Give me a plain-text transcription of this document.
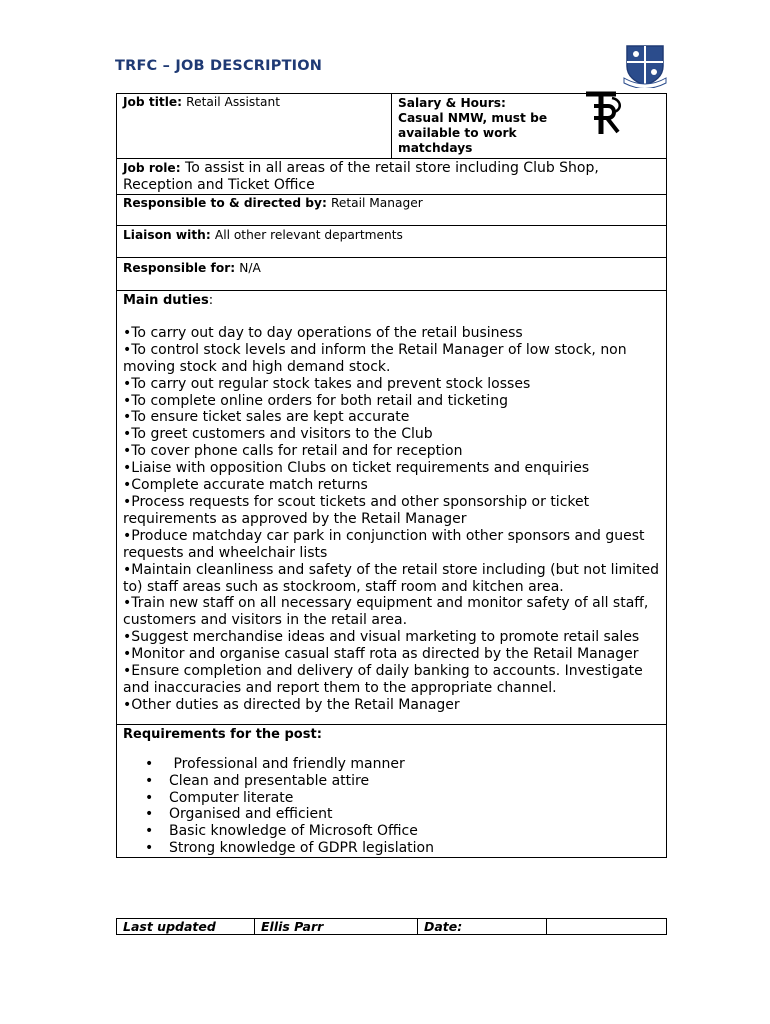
TRFC – JOB DESCRIPTION
Job title: Retail Assistant	Salary & Hours:
Casual NMW, must be available to work matchdays

Job role: To assist in all areas of the retail store including Club Shop, Reception and Ticket Office
Responsible to & directed by: Retail Manager
Liaison with: All other relevant departments
Responsible for: N/A

Main duties:
•To carry out day to day operations of the retail business
•To control stock levels and inform the Retail Manager of low stock, non moving stock and high demand stock.
•To carry out regular stock takes and prevent stock losses
•To complete online orders for both retail and ticketing
•To ensure ticket sales are kept accurate
•To greet customers and visitors to the Club
•To cover phone calls for retail and for reception
•Liaise with opposition Clubs on ticket requirements and enquiries
•Complete accurate match returns
•Process requests for scout tickets and other sponsorship or ticket requirements as approved by the Retail Manager
•Produce matchday car park in conjunction with other sponsors and guest requests and wheelchair lists
•Maintain cleanliness and safety of the retail store including (but not limited to) staff areas such as stockroom, staff room and kitchen area.
•Train new staff on all necessary equipment and monitor safety of all staff, customers and visitors in the retail area.
•Suggest merchandise ideas and visual marketing to promote retail sales
•Monitor and organise casual staff rota as directed by the Retail Manager
•Ensure completion and delivery of daily banking to accounts. Investigate and inaccuracies and report them to the appropriate channel.
•Other duties as directed by the Retail Manager

Requirements for the post:
•  Professional and friendly manner
• Clean and presentable attire
• Computer literate
• Organised and efficient
• Basic knowledge of Microsoft Office
• Strong knowledge of GDPR legislation
Last updated	Ellis Parr	Date:	
